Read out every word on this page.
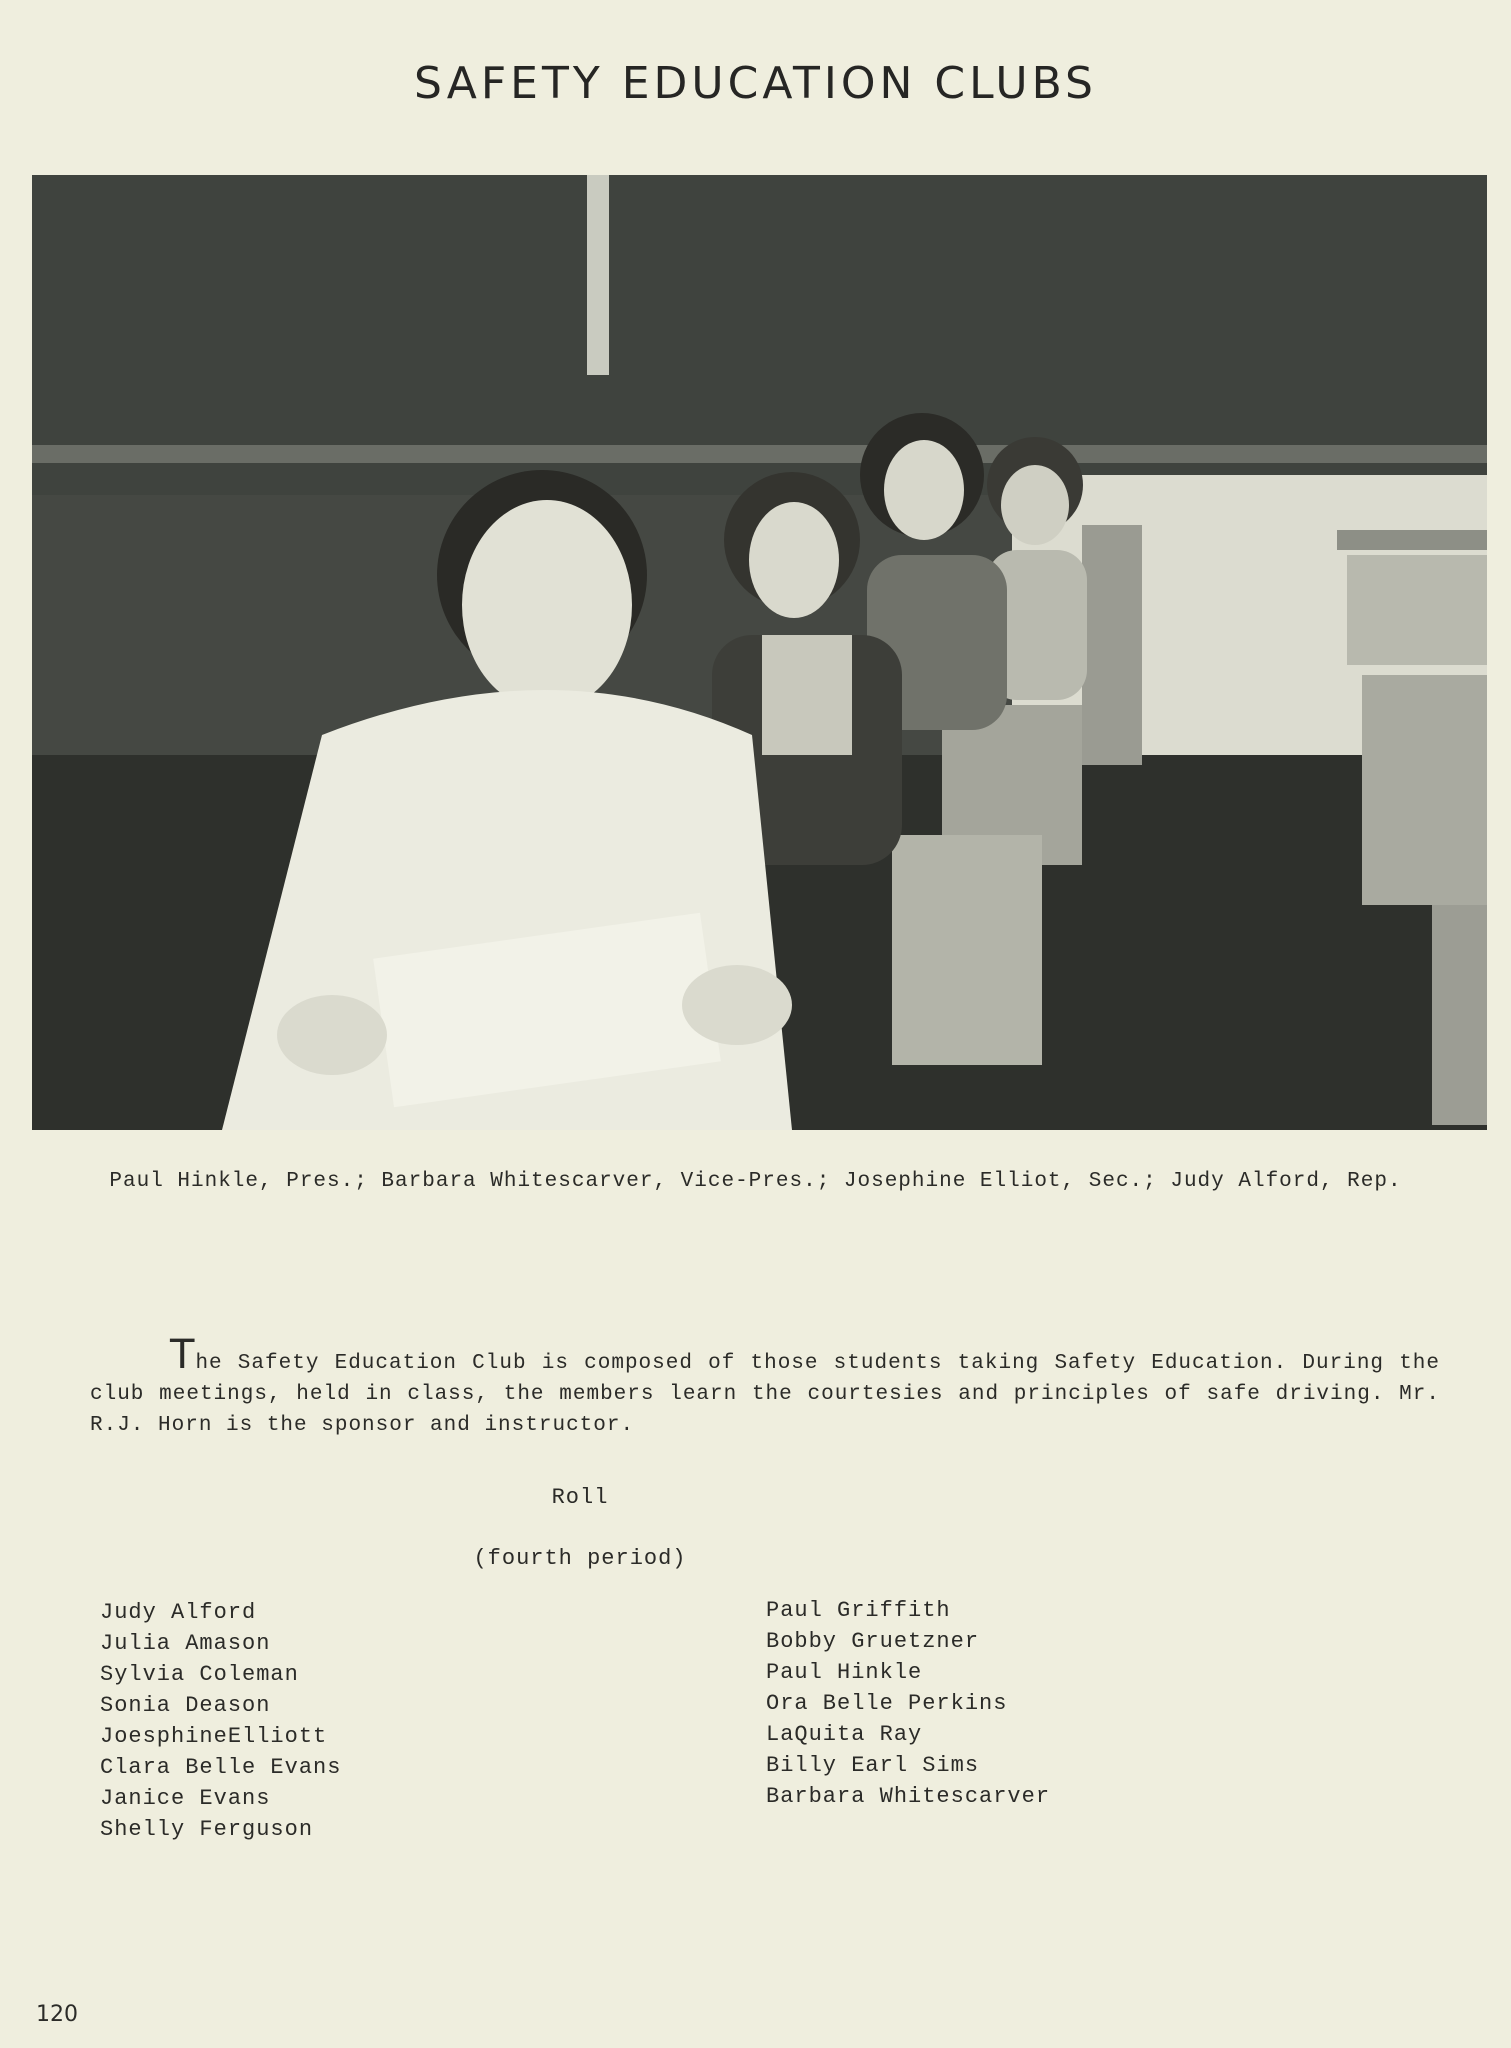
SAFETY EDUCATION CLUBS
Paul Hinkle, Pres.; Barbara Whitescarver, Vice-Pres.; Josephine Elliot, Sec.; Judy Alford, Rep.
The Safety Education Club is composed of those students taking Safety Education. During the club meetings, held in class, the members learn the courtesies and principles of safe driving. Mr. R.J. Horn is the sponsor and instructor.
Roll
(fourth period)
Judy Alford
Julia Amason
Sylvia Coleman
Sonia Deason
JoesphineElliott
Clara Belle Evans
Janice Evans
Shelly Ferguson
Paul Griffith
Bobby Gruetzner
Paul Hinkle
Ora Belle Perkins
LaQuita Ray
Billy Earl Sims
Barbara Whitescarver
120
